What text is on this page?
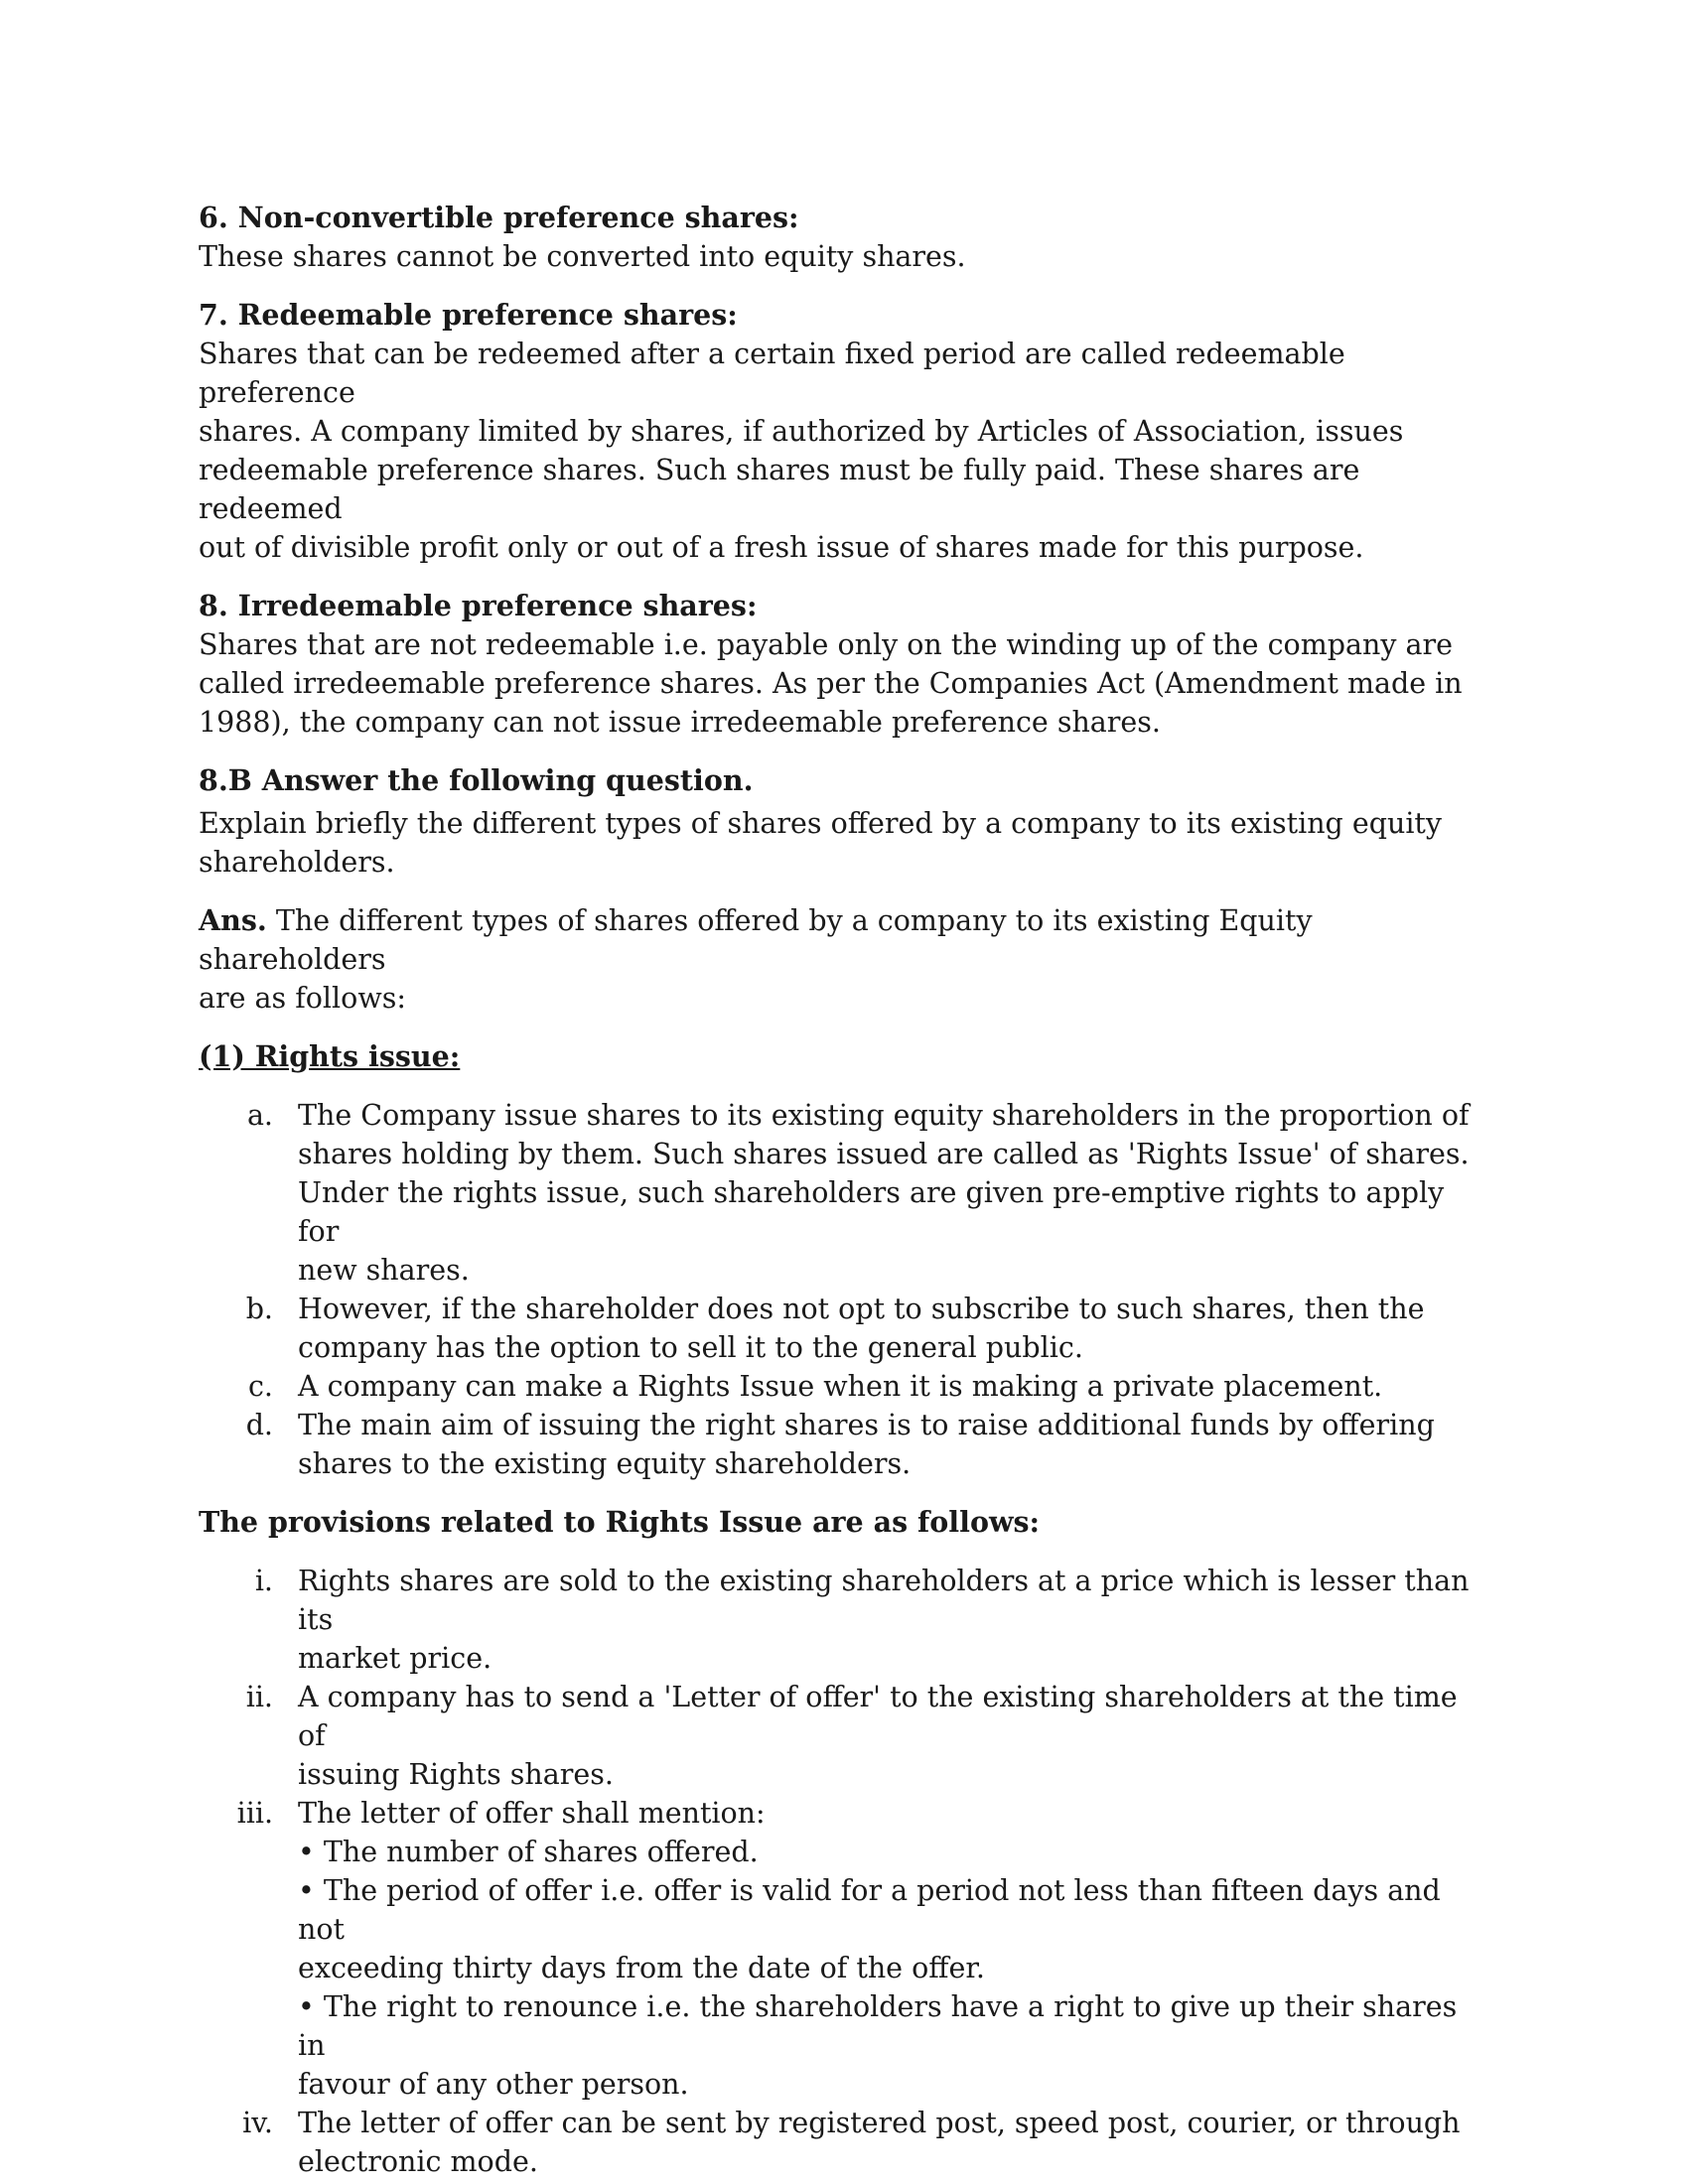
6. Non-convertible preference shares:
These shares cannot be converted into equity shares.
7. Redeemable preference shares:
Shares that can be redeemed after a certain fixed period are called redeemable preference
shares. A company limited by shares, if authorized by Articles of Association, issues
redeemable preference shares. Such shares must be fully paid. These shares are redeemed
out of divisible profit only or out of a fresh issue of shares made for this purpose.
8. Irredeemable preference shares:
Shares that are not redeemable i.e. payable only on the winding up of the company are
called irredeemable preference shares. As per the Companies Act (Amendment made in
1988), the company can not issue irredeemable preference shares.
8.B Answer the following question.
Explain briefly the different types of shares offered by a company to its existing equity
shareholders.
Ans. The different types of shares offered by a company to its existing Equity shareholders
are as follows:
(1) Rights issue:
a. The Company issue shares to its existing equity shareholders in the proportion of
shares holding by them. Such shares issued are called as 'Rights Issue' of shares.
Under the rights issue, such shareholders are given pre-emptive rights to apply for
new shares.
b. However, if the shareholder does not opt to subscribe to such shares, then the
company has the option to sell it to the general public.
c. A company can make a Rights Issue when it is making a private placement.
d. The main aim of issuing the right shares is to raise additional funds by offering
shares to the existing equity shareholders.
The provisions related to Rights Issue are as follows:
i. Rights shares are sold to the existing shareholders at a price which is lesser than its
market price.
ii. A company has to send a 'Letter of offer' to the existing shareholders at the time of
issuing Rights shares.
iii. The letter of offer shall mention:
• The number of shares offered.
• The period of offer i.e. offer is valid for a period not less than fifteen days and not
exceeding thirty days from the date of the offer.
• The right to renounce i.e. the shareholders have a right to give up their shares in
favour of any other person.
iv. The letter of offer can be sent by registered post, speed post, courier, or through
electronic mode.
